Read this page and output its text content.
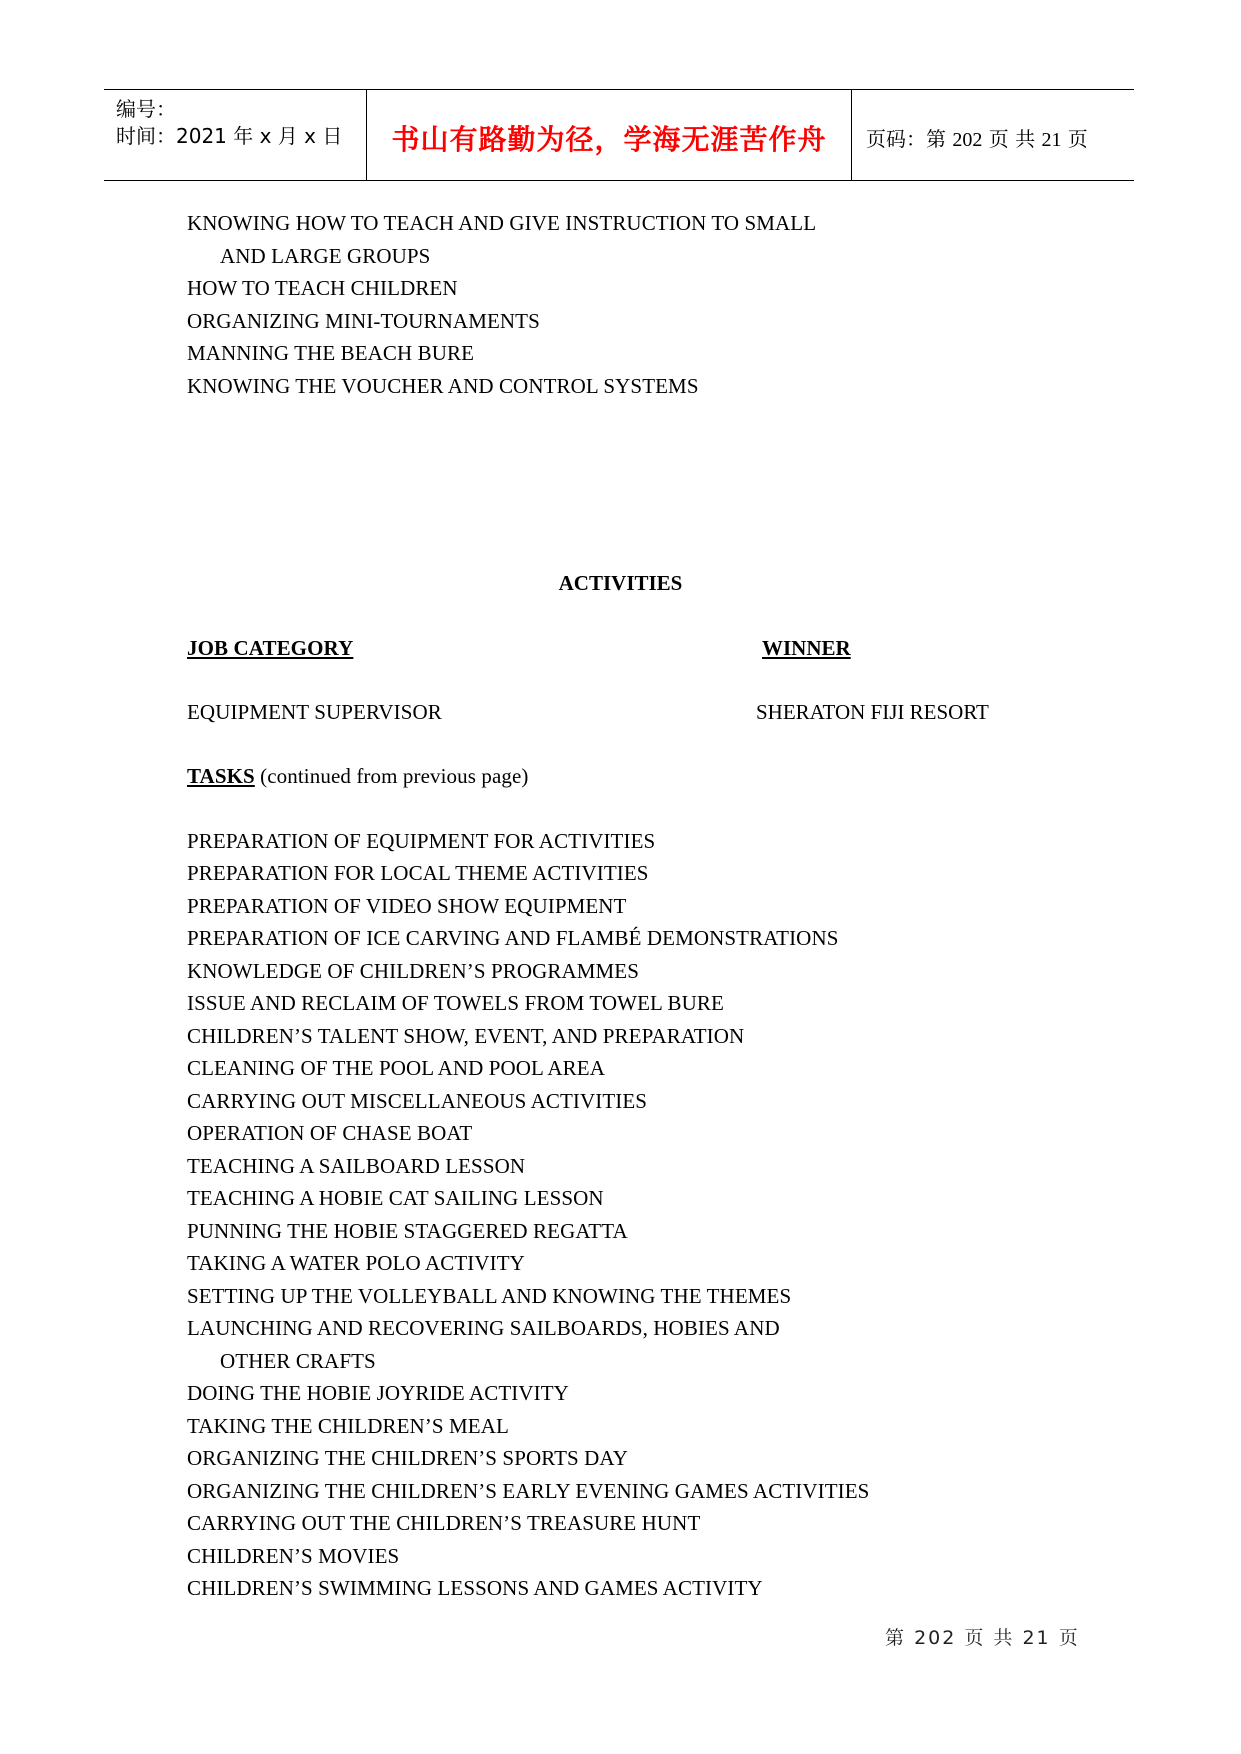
编号：
时间：2021 年 x 月 x 日	书山有路勤为径，学海无涯苦作舟	页码：第 202 页 共 21 页
KNOWING HOW TO TEACH AND GIVE INSTRUCTION TO SMALL
AND LARGE GROUPS
HOW TO TEACH CHILDREN
ORGANIZING MINI-TOURNAMENTS
MANNING THE BEACH BURE
KNOWING THE VOUCHER AND CONTROL SYSTEMS
ACTIVITIES
JOB CATEGORY	WINNER
EQUIPMENT SUPERVISOR	SHERATON FIJI RESORT
TASKS (continued from previous page)
PREPARATION OF EQUIPMENT FOR ACTIVITIES
PREPARATION FOR LOCAL THEME ACTIVITIES
PREPARATION OF VIDEO SHOW EQUIPMENT
PREPARATION OF ICE CARVING AND FLAMBÉ DEMONSTRATIONS
KNOWLEDGE OF CHILDREN’S PROGRAMMES
ISSUE AND RECLAIM OF TOWELS FROM TOWEL BURE
CHILDREN’S TALENT SHOW, EVENT, AND PREPARATION
CLEANING OF THE POOL AND POOL AREA
CARRYING OUT MISCELLANEOUS ACTIVITIES
OPERATION OF CHASE BOAT
TEACHING A SAILBOARD LESSON
TEACHING A HOBIE CAT SAILING LESSON
PUNNING THE HOBIE STAGGERED REGATTA
TAKING A WATER POLO ACTIVITY
SETTING UP THE VOLLEYBALL AND KNOWING THE THEMES
LAUNCHING AND RECOVERING SAILBOARDS, HOBIES AND
OTHER CRAFTS
DOING THE HOBIE JOYRIDE ACTIVITY
TAKING THE CHILDREN’S MEAL
ORGANIZING THE CHILDREN’S SPORTS DAY
ORGANIZING THE CHILDREN’S EARLY EVENING GAMES ACTIVITIES
CARRYING OUT THE CHILDREN’S TREASURE HUNT
CHILDREN’S MOVIES
CHILDREN’S SWIMMING LESSONS AND GAMES ACTIVITY
第 202 页 共 21 页
